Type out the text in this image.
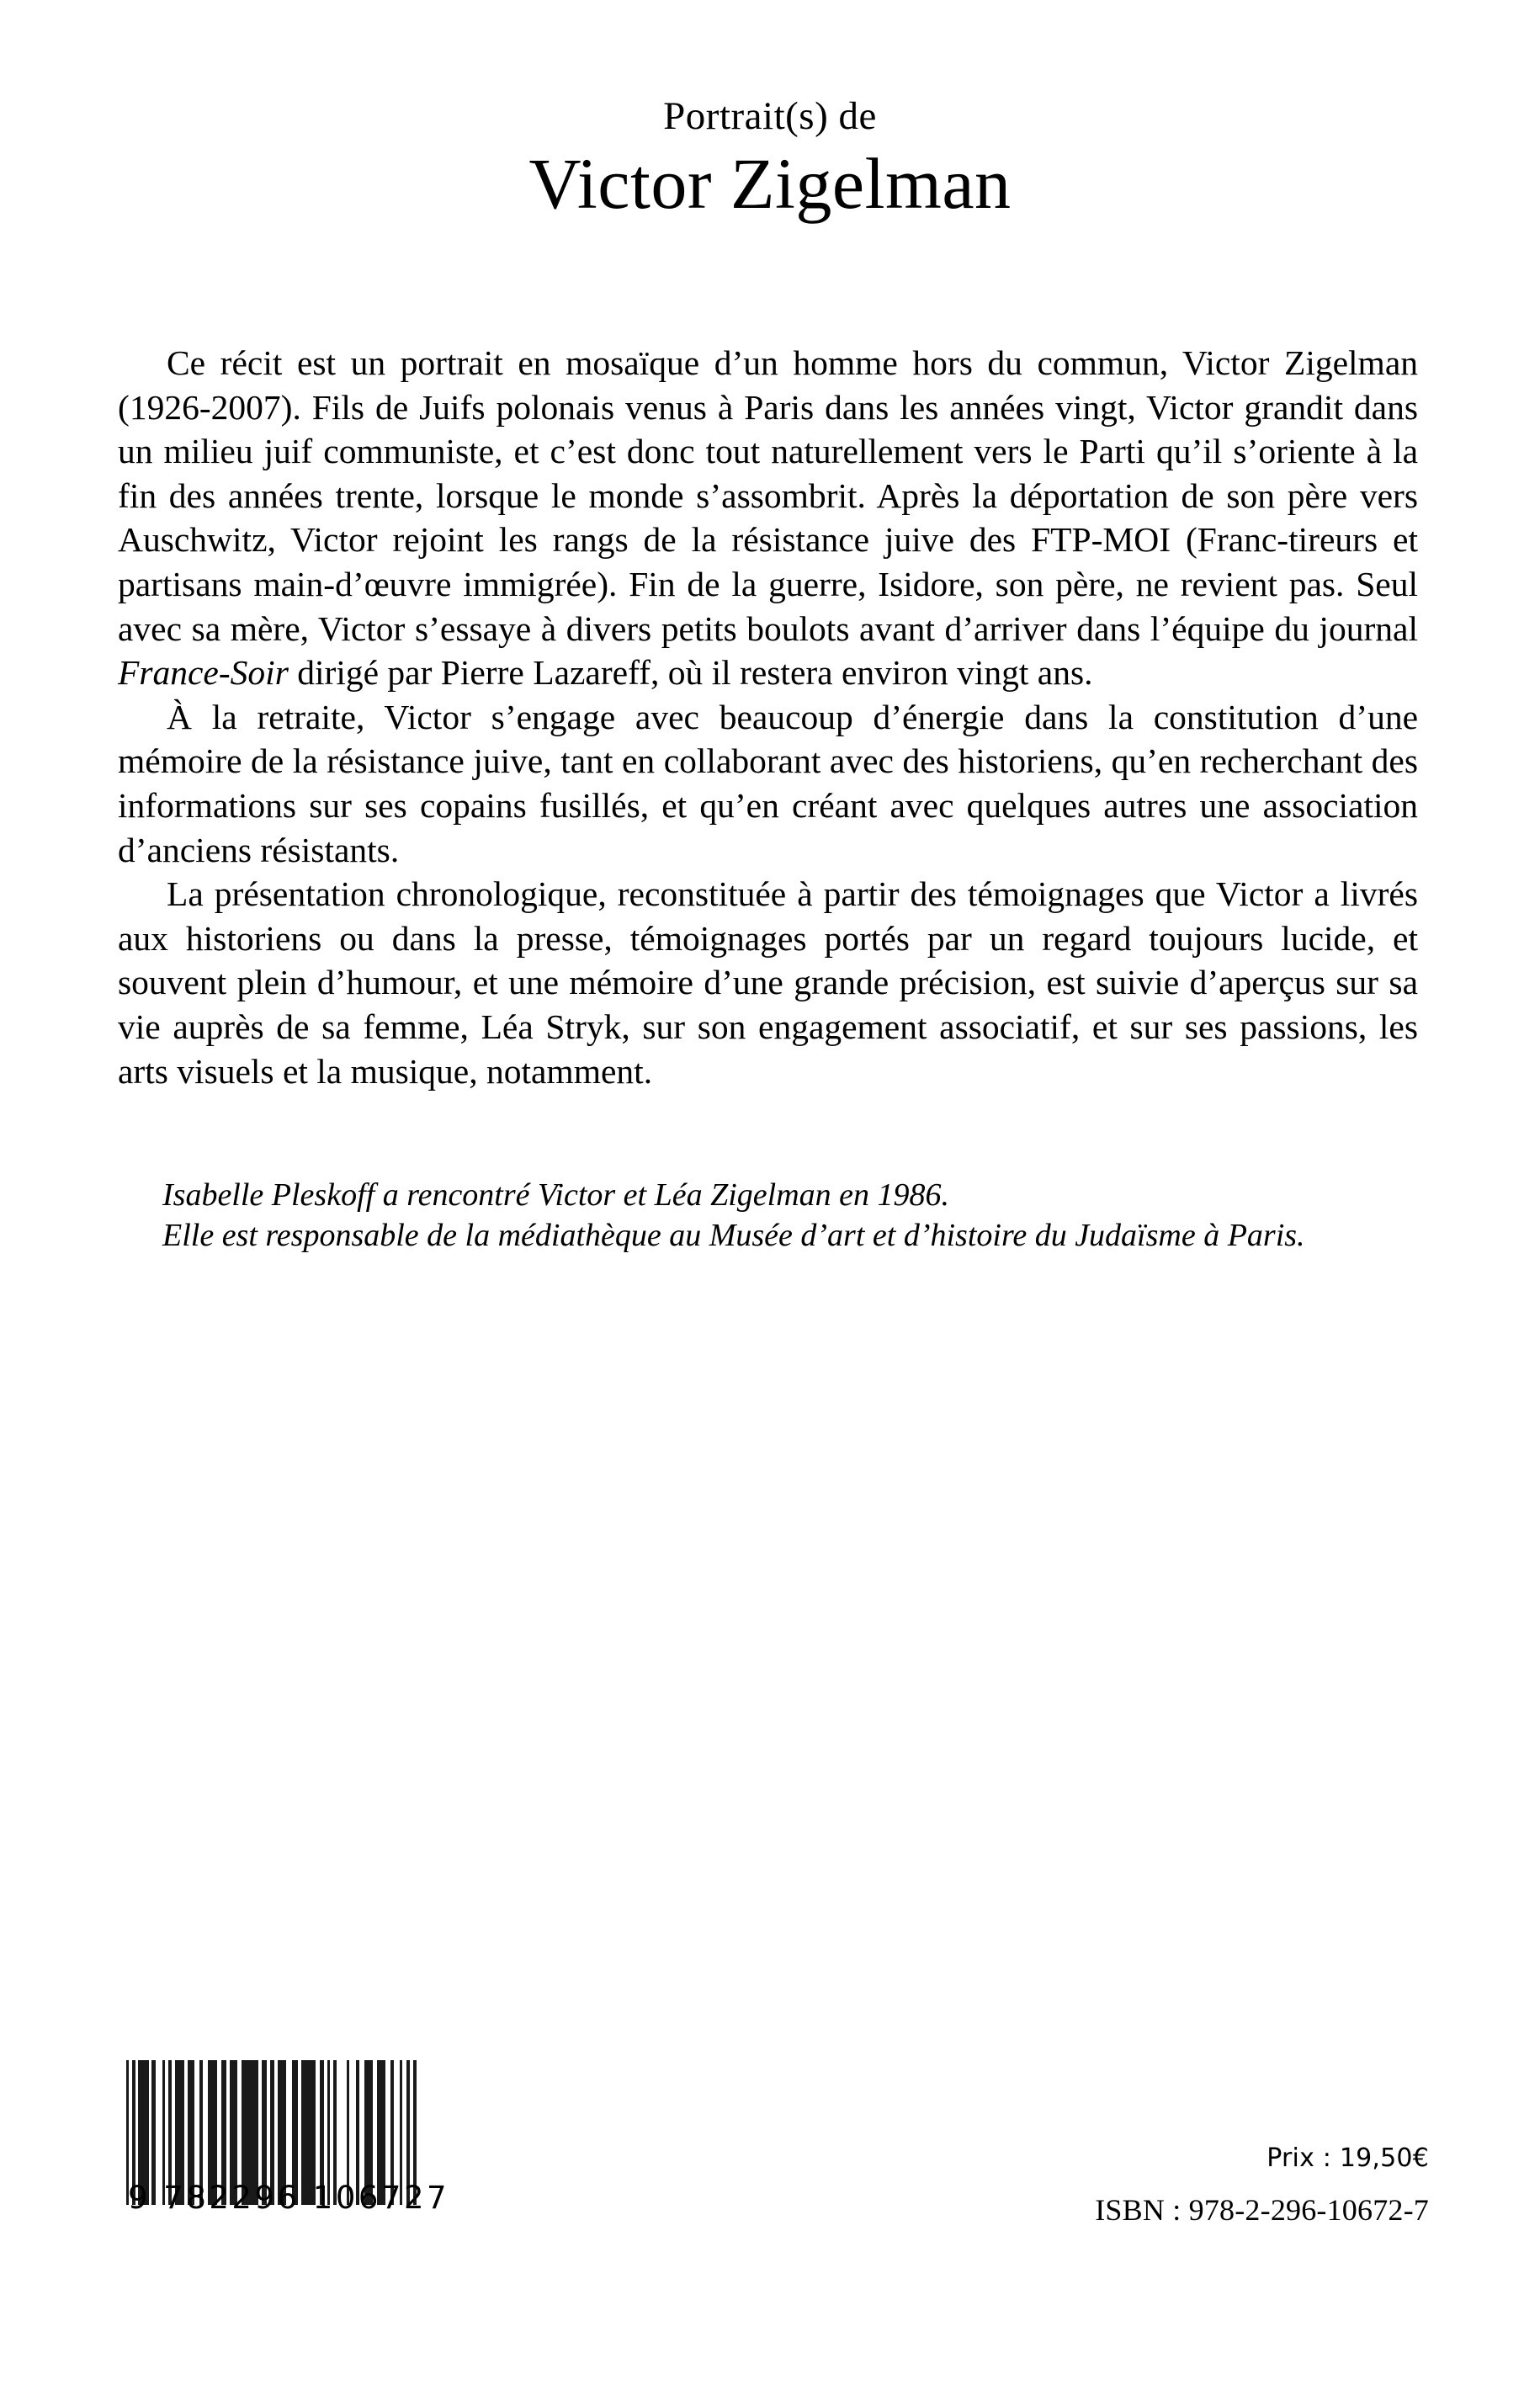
Portrait(s) de
Victor Zigelman

Ce récit est un portrait en mosaïque d’un homme hors du commun, Victor Zigelman (1926-2007). Fils de Juifs polonais venus à Paris dans les années vingt, Victor grandit dans un milieu juif communiste, et c’est donc tout naturellement vers le Parti qu’il s’oriente à la fin des années trente, lorsque le monde s’assombrit. Après la déportation de son père vers Auschwitz, Victor rejoint les rangs de la résistance juive des FTP-MOI (Franc-tireurs et partisans main-d’œuvre immigrée). Fin de la guerre, Isidore, son père, ne revient pas. Seul avec sa mère, Victor s’essaye à divers petits boulots avant d’arriver dans l’équipe du journal France-Soir dirigé par Pierre Lazareff, où il restera environ vingt ans.

À la retraite, Victor s’engage avec beaucoup d’énergie dans la constitution d’une mémoire de la résistance juive, tant en collaborant avec des historiens, qu’en recherchant des informations sur ses copains fusillés, et qu’en créant avec quelques autres une association d’anciens résistants.

La présentation chronologique, reconstituée à partir des témoignages que Victor a livrés aux historiens ou dans la presse, témoignages portés par un regard toujours lucide, et souvent plein d’humour, et une mémoire d’une grande précision, est suivie d’aperçus sur sa vie auprès de sa femme, Léa Stryk, sur son engagement associatif, et sur ses passions, les arts visuels et la musique, notamment.

Isabelle Pleskoff a rencontré Victor et Léa Zigelman en 1986.
Elle est responsable de la médiathèque au Musée d’art et d’histoire du Judaïsme à Paris.
9 782296 106727
Prix : 19,50€
ISBN : 978-2-296-10672-7
